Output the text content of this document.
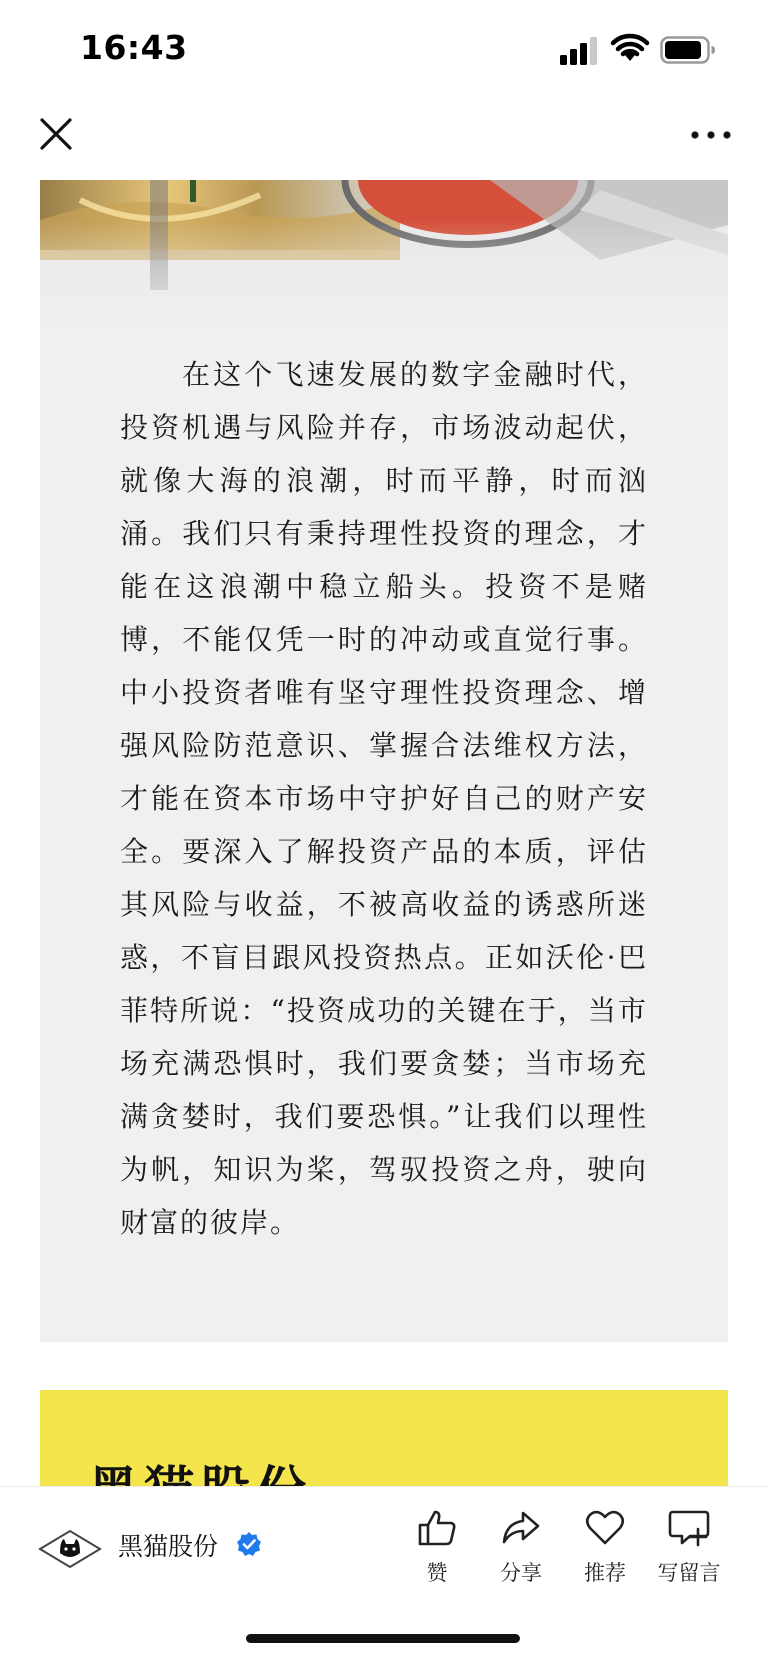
16:43

在这个飞速发展的数字金融时代，投资机遇与风险并存，市场波动起伏，就像大海的浪潮，时而平静，时而汹涌。我们只有秉持理性投资的理念，才能在这浪潮中稳立船头。投资不是赌博，不能仅凭一时的冲动或直觉行事。中小投资者唯有坚守理性投资理念、增强风险防范意识、掌握合法维权方法，才能在资本市场中守护好自己的财产安全。要深入了解投资产品的本质，评估其风险与收益，不被高收益的诱惑所迷惑，不盲目跟风投资热点。正如沃伦·巴菲特所说：“投资成功的关键在于，当市场充满恐惧时，我们要贪婪；当市场充满贪婪时，我们要恐惧。”让我们以理性为帆，知识为桨，驾驭投资之舟，驶向财富的彼岸。

黑猫股份
赞	分享	推荐	写留言
